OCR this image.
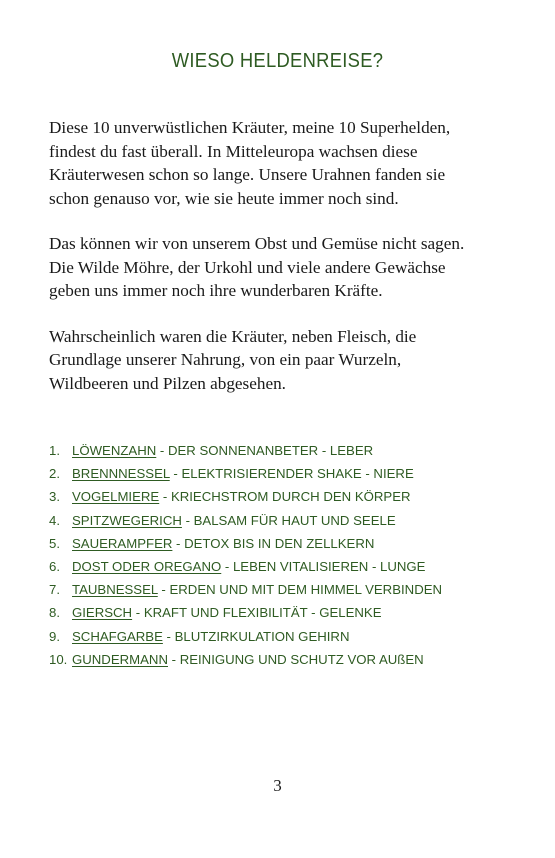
WIESO HELDENREISE?

Diese 10 unverwüstlichen Kräuter, meine 10 Superhelden,
findest du fast überall. In Mitteleuropa wachsen diese
Kräuterwesen schon so lange. Unsere Urahnen fanden sie
schon genauso vor, wie sie heute immer noch sind.

Das können wir von unserem Obst und Gemüse nicht sagen.
Die Wilde Möhre, der Urkohl und viele andere Gewächse
geben uns immer noch ihre wunderbaren Kräfte.

Wahrscheinlich waren die Kräuter, neben Fleisch, die
Grundlage unserer Nahrung, von ein paar Wurzeln,
Wildbeeren und Pilzen abgesehen.

1. LÖWENZAHN - DER SONNENANBETER - LEBER
2. BRENNNESSEL - ELEKTRISIERENDER SHAKE - NIERE
3. VOGELMIERE - KRIECHSTROM DURCH DEN KÖRPER
4. SPITZWEGERICH - BALSAM FÜR HAUT UND SEELE
5. SAUERAMPFER - DETOX BIS IN DEN ZELLKERN
6. DOST ODER OREGANO - LEBEN VITALISIEREN - LUNGE
7. TAUBNESSEL - ERDEN UND MIT DEM HIMMEL VERBINDEN
8. GIERSCH - KRAFT UND FLEXIBILITÄT - GELENKE
9. SCHAFGARBE - BLUTZIRKULATION GEHIRN
10. GUNDERMANN - REINIGUNG UND SCHUTZ VOR AUßEN
3
